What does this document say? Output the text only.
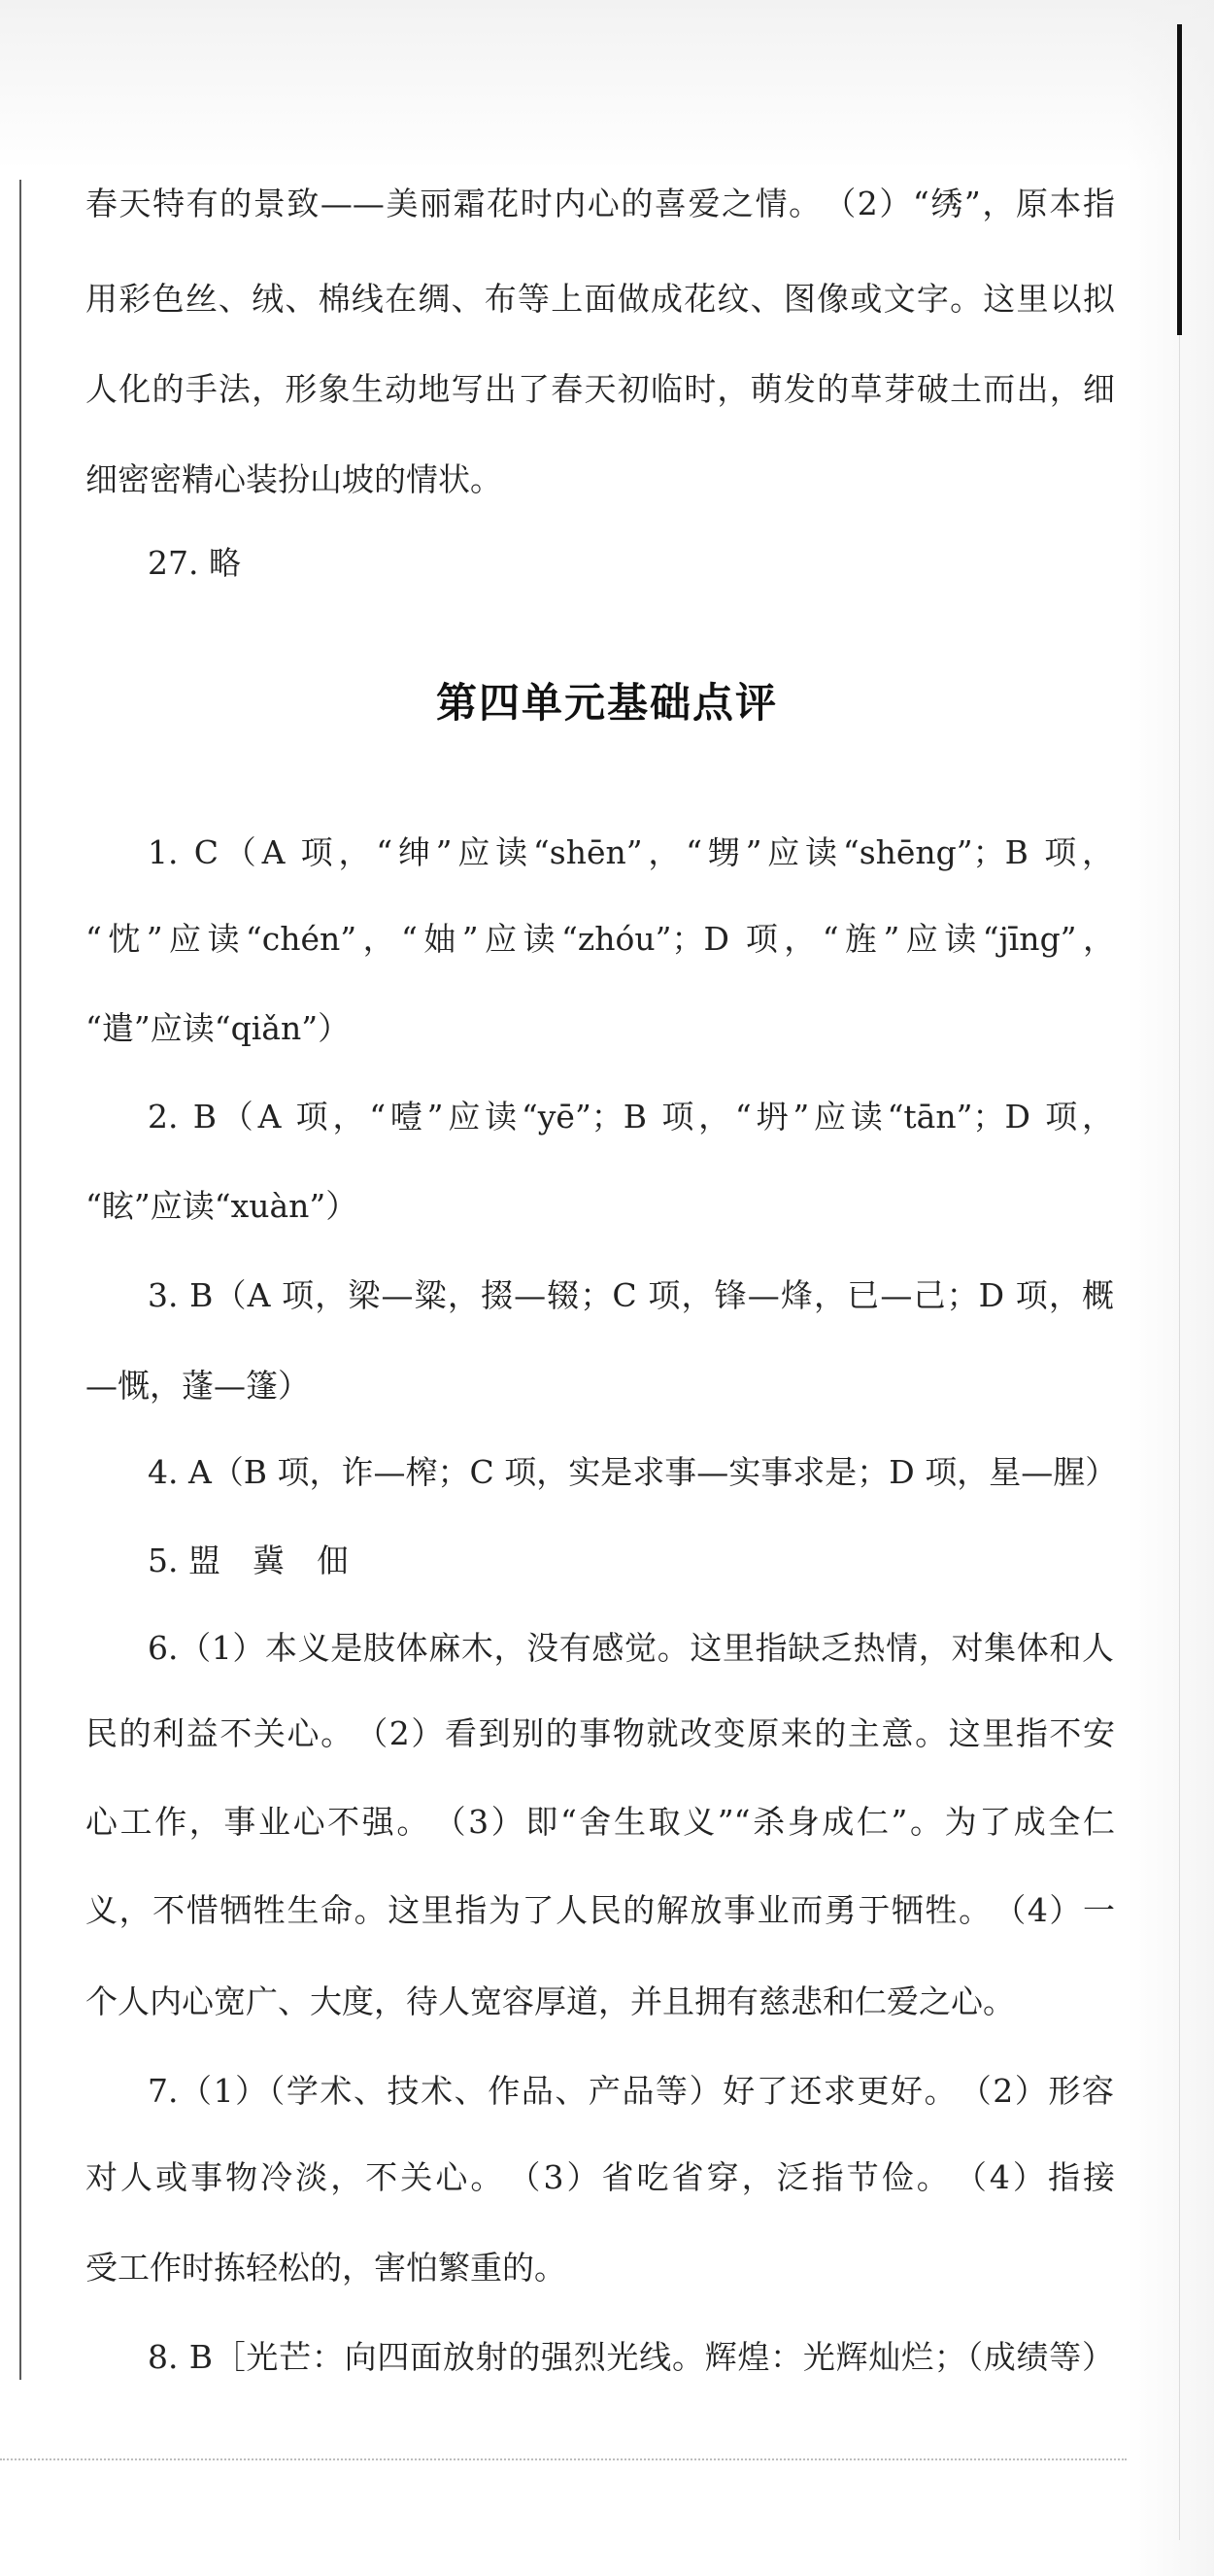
春天特有的景致——美丽霜花时内心的喜爱之情。　（2）“绣”，原本指
用彩色丝、绒、棉线在绸、布等上面做成花纹、图像或文字。这里以拟
人化的手法，形象生动地写出了春天初临时，萌发的草芽破土而出，细
细密密精心装扮山坡的情状。
27. 略
第四单元基础点评
1. C（A 项，“绅”应读“shēn”，“甥”应读“shēng”；B 项，
“忱”应读“chén”，“妯”应读“zhóu”；D 项，“旌”应读“jīng”，
“遣”应读“qiǎn”）
2. B（A 项，“噎”应读“yē”；B 项，“坍”应读“tān”；D 项，
“眩”应读“xuàn”）
3. B（A 项，梁—粱，掇—辍；C 项，锋—烽，已—己；D 项，概
—慨，蓬—篷）
4. A（B 项，诈—榨；C 项，实是求事—实事求是；D 项，星—腥）
5. 盟　冀　佃
6.（1）本义是肢体麻木，没有感觉。这里指缺乏热情，对集体和人
民的利益不关心。　（2）看到别的事物就改变原来的主意。这里指不安
心工作，事业心不强。　（3）即“舍生取义”“杀身成仁”。为了成全仁
义，不惜牺牲生命。这里指为了人民的解放事业而勇于牺牲。　（4）一
个人内心宽广、大度，待人宽容厚道，并且拥有慈悲和仁爱之心。
7.（1）（学术、技术、作品、产品等）好了还求更好。　（2）形容
对人或事物冷淡，不关心。　（3）省吃省穿，泛指节俭。　（4）指接
受工作时拣轻松的，害怕繁重的。
8. B［光芒：向四面放射的强烈光线。辉煌：光辉灿烂；（成绩等）
